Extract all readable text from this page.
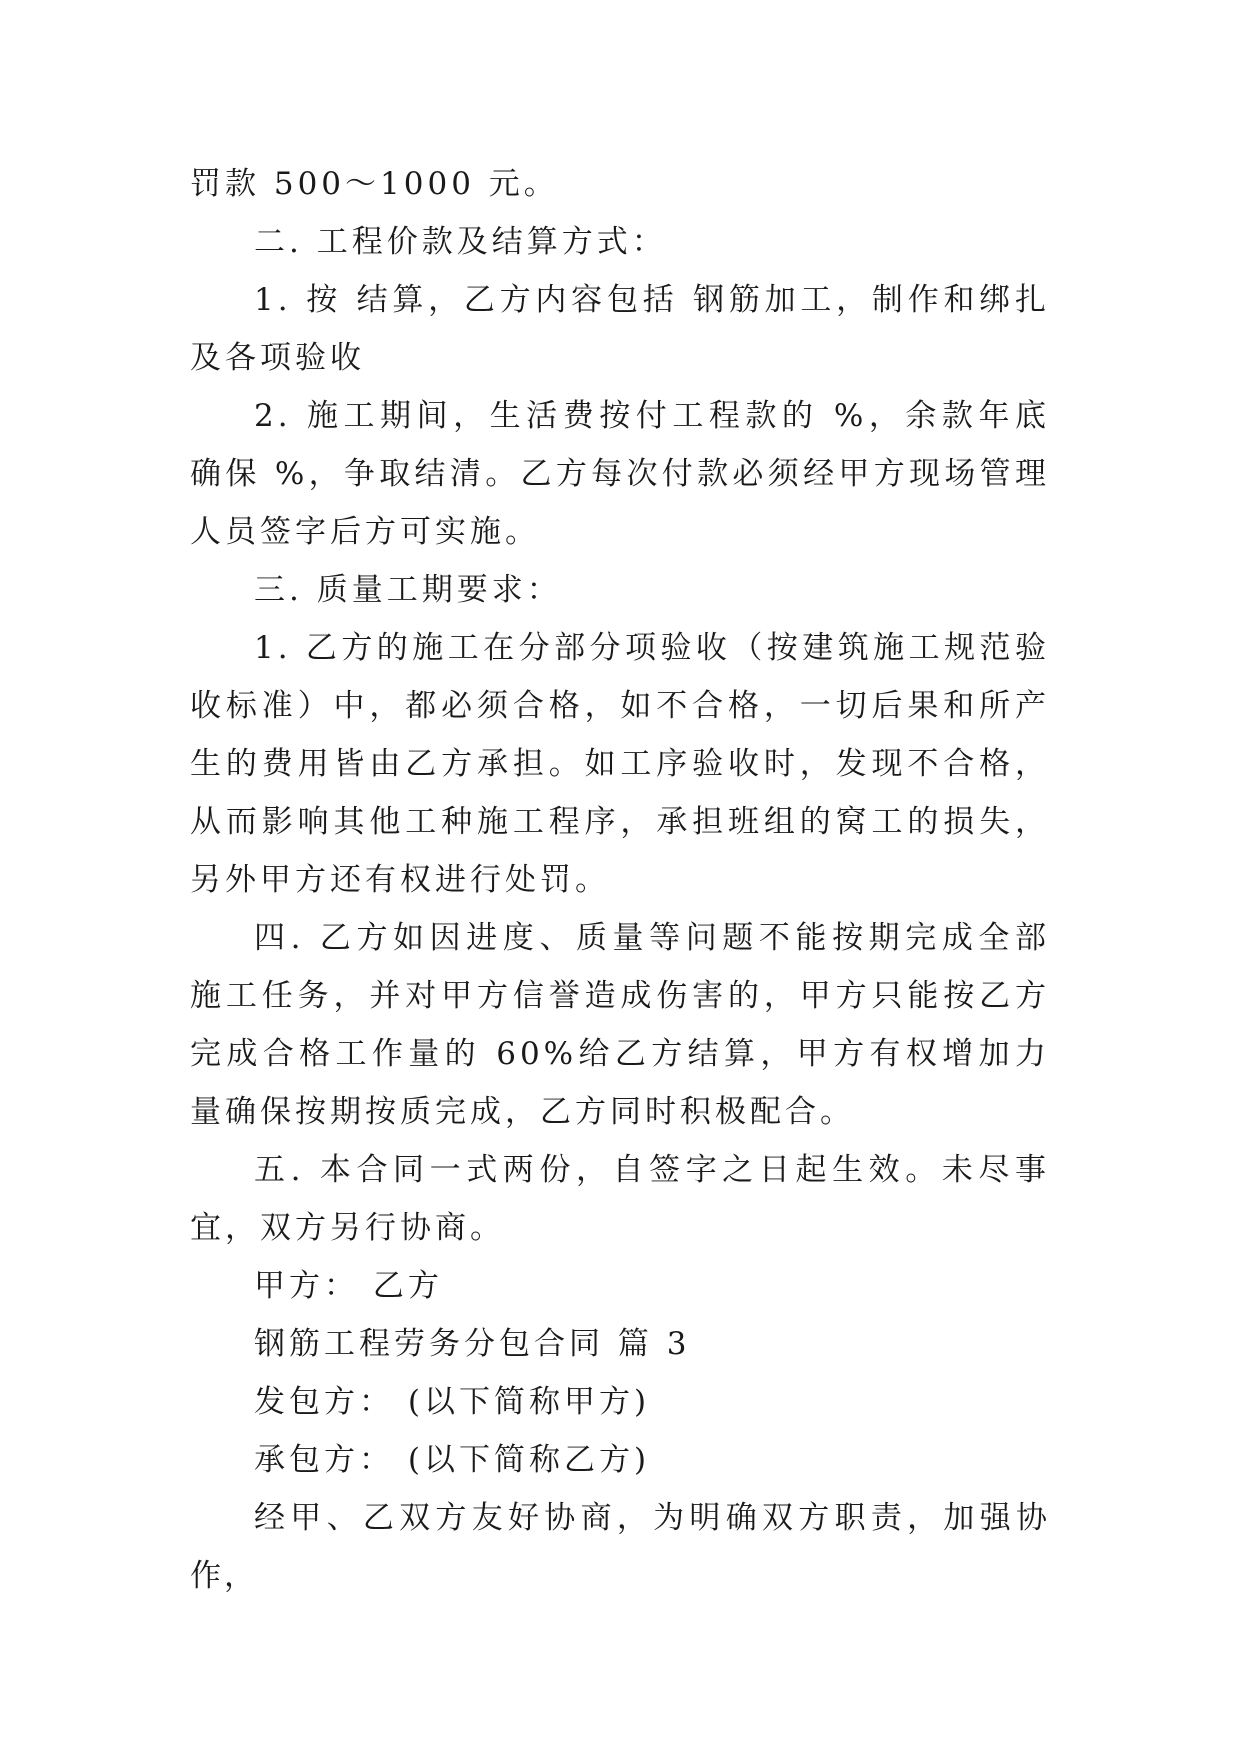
罚款 500～1000 元。

二. 工程价款及结算方式：

1. 按 结算，乙方内容包括 钢筋加工，制作和绑扎及各项验收

2. 施工期间，生活费按付工程款的 %，余款年底确保 %，争取结清。乙方每次付款必须经甲方现场管理人员签字后方可实施。

三. 质量工期要求：

1. 乙方的施工在分部分项验收（按建筑施工规范验收标准）中，都必须合格，如不合格，一切后果和所产生的费用皆由乙方承担。如工序验收时，发现不合格，从而影响其他工种施工程序，承担班组的窝工的损失，另外甲方还有权进行处罚。

四. 乙方如因进度、质量等问题不能按期完成全部施工任务，并对甲方信誉造成伤害的，甲方只能按乙方完成合格工作量的 60%给乙方结算，甲方有权增加力量确保按期按质完成，乙方同时积极配合。

五. 本合同一式两份，自签字之日起生效。未尽事宜，双方另行协商。

甲方： 乙方

钢筋工程劳务分包合同 篇 3

发包方： (以下简称甲方)

承包方： (以下简称乙方)

经甲、乙双方友好协商，为明确双方职责，加强协作，
